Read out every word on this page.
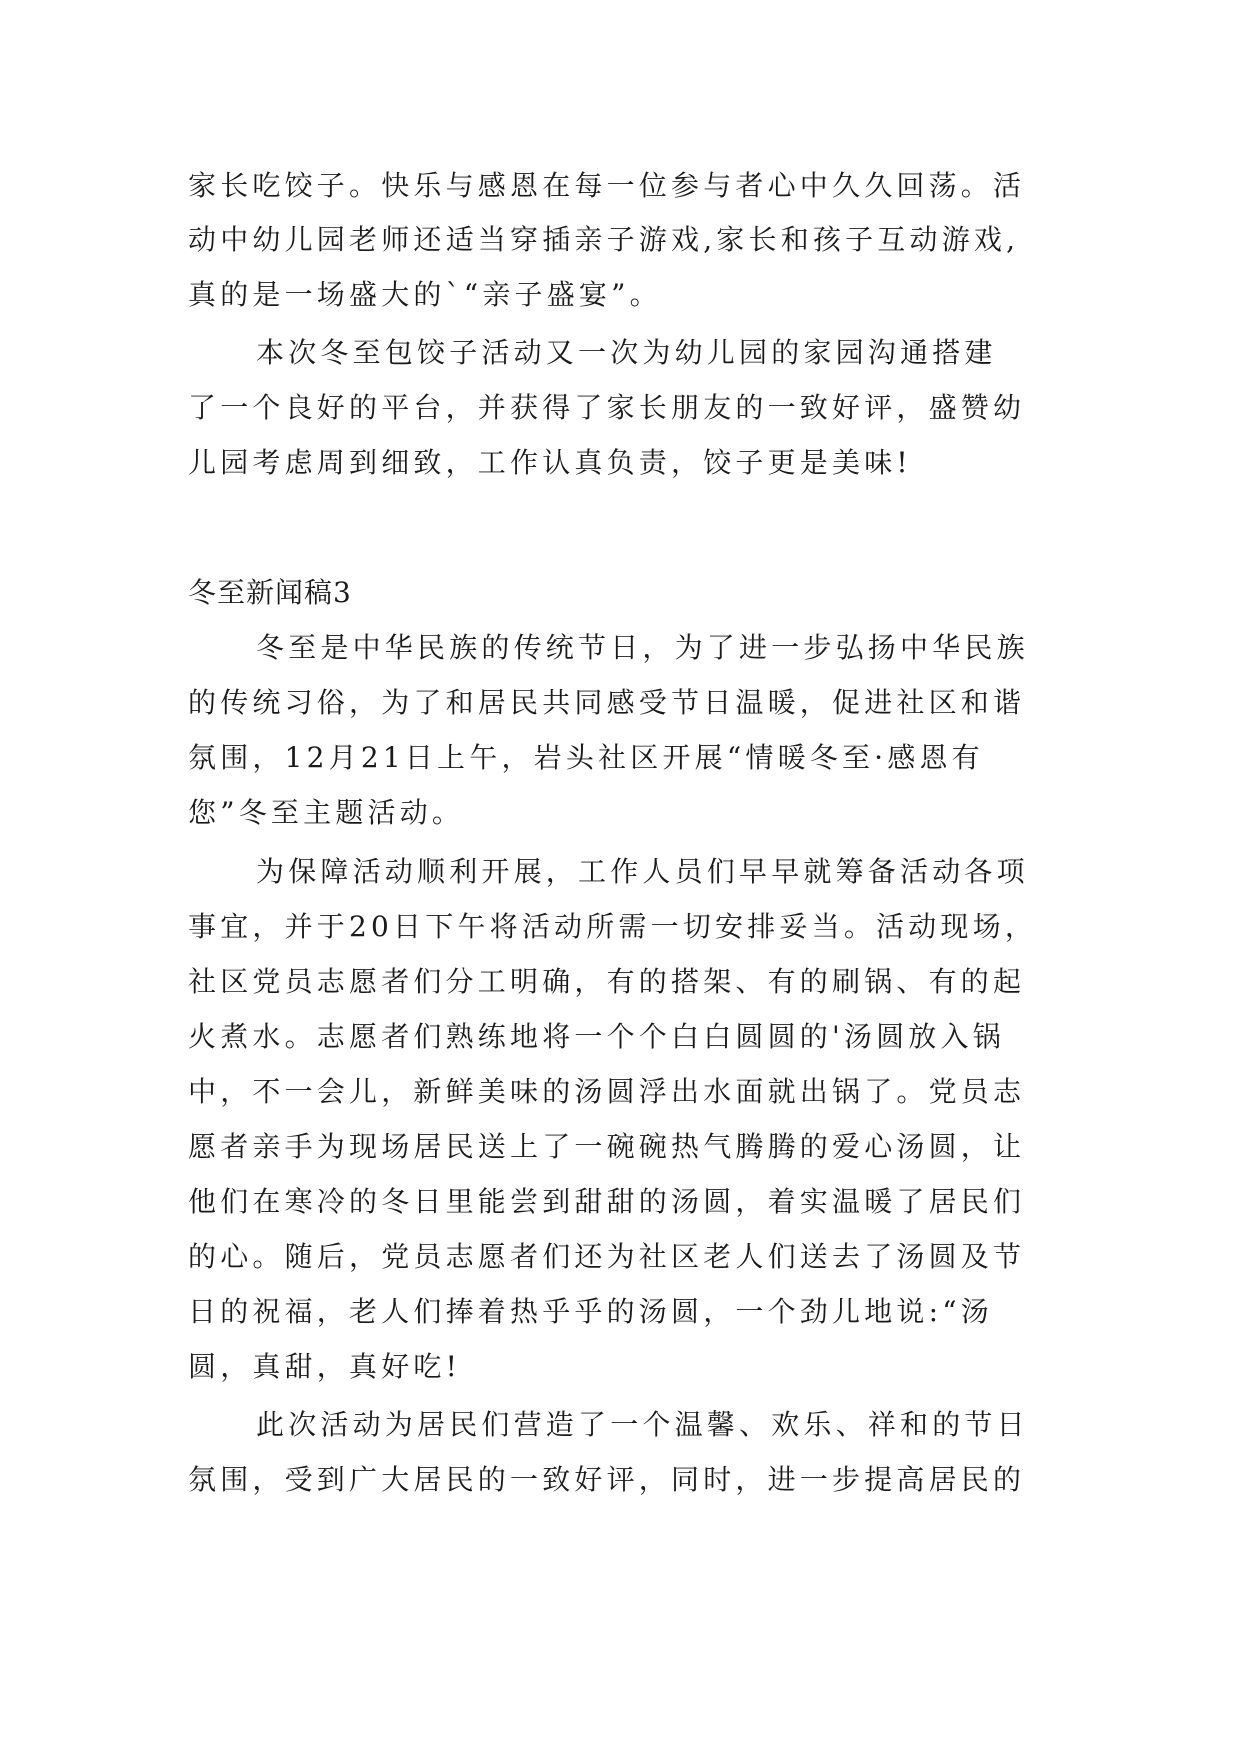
家长吃饺子。快乐与感恩在每一位参与者心中久久回荡。活
动中幼儿园老师还适当穿插亲子游戏,家长和孩子互动游戏,
真的是一场盛大的`“亲子盛宴”。
本次冬至包饺子活动又一次为幼儿园的家园沟通搭建
了一个良好的平台，并获得了家长朋友的一致好评，盛赞幼
儿园考虑周到细致，工作认真负责，饺子更是美味!
冬至新闻稿3
冬至是中华民族的传统节日，为了进一步弘扬中华民族
的传统习俗，为了和居民共同感受节日温暖，促进社区和谐
氛围，12月21日上午，岩头社区开展“情暖冬至·感恩有
您”冬至主题活动。
为保障活动顺利开展，工作人员们早早就筹备活动各项
事宜，并于20日下午将活动所需一切安排妥当。活动现场，
社区党员志愿者们分工明确，有的搭架、有的刷锅、有的起
火煮水。志愿者们熟练地将一个个白白圆圆的'汤圆放入锅
中，不一会儿，新鲜美味的汤圆浮出水面就出锅了。党员志
愿者亲手为现场居民送上了一碗碗热气腾腾的爱心汤圆，让
他们在寒冷的冬日里能尝到甜甜的汤圆，着实温暖了居民们
的心。随后，党员志愿者们还为社区老人们送去了汤圆及节
日的祝福，老人们捧着热乎乎的汤圆，一个劲儿地说:“汤
圆，真甜，真好吃!
此次活动为居民们营造了一个温馨、欢乐、祥和的节日
氛围，受到广大居民的一致好评，同时，进一步提高居民的
